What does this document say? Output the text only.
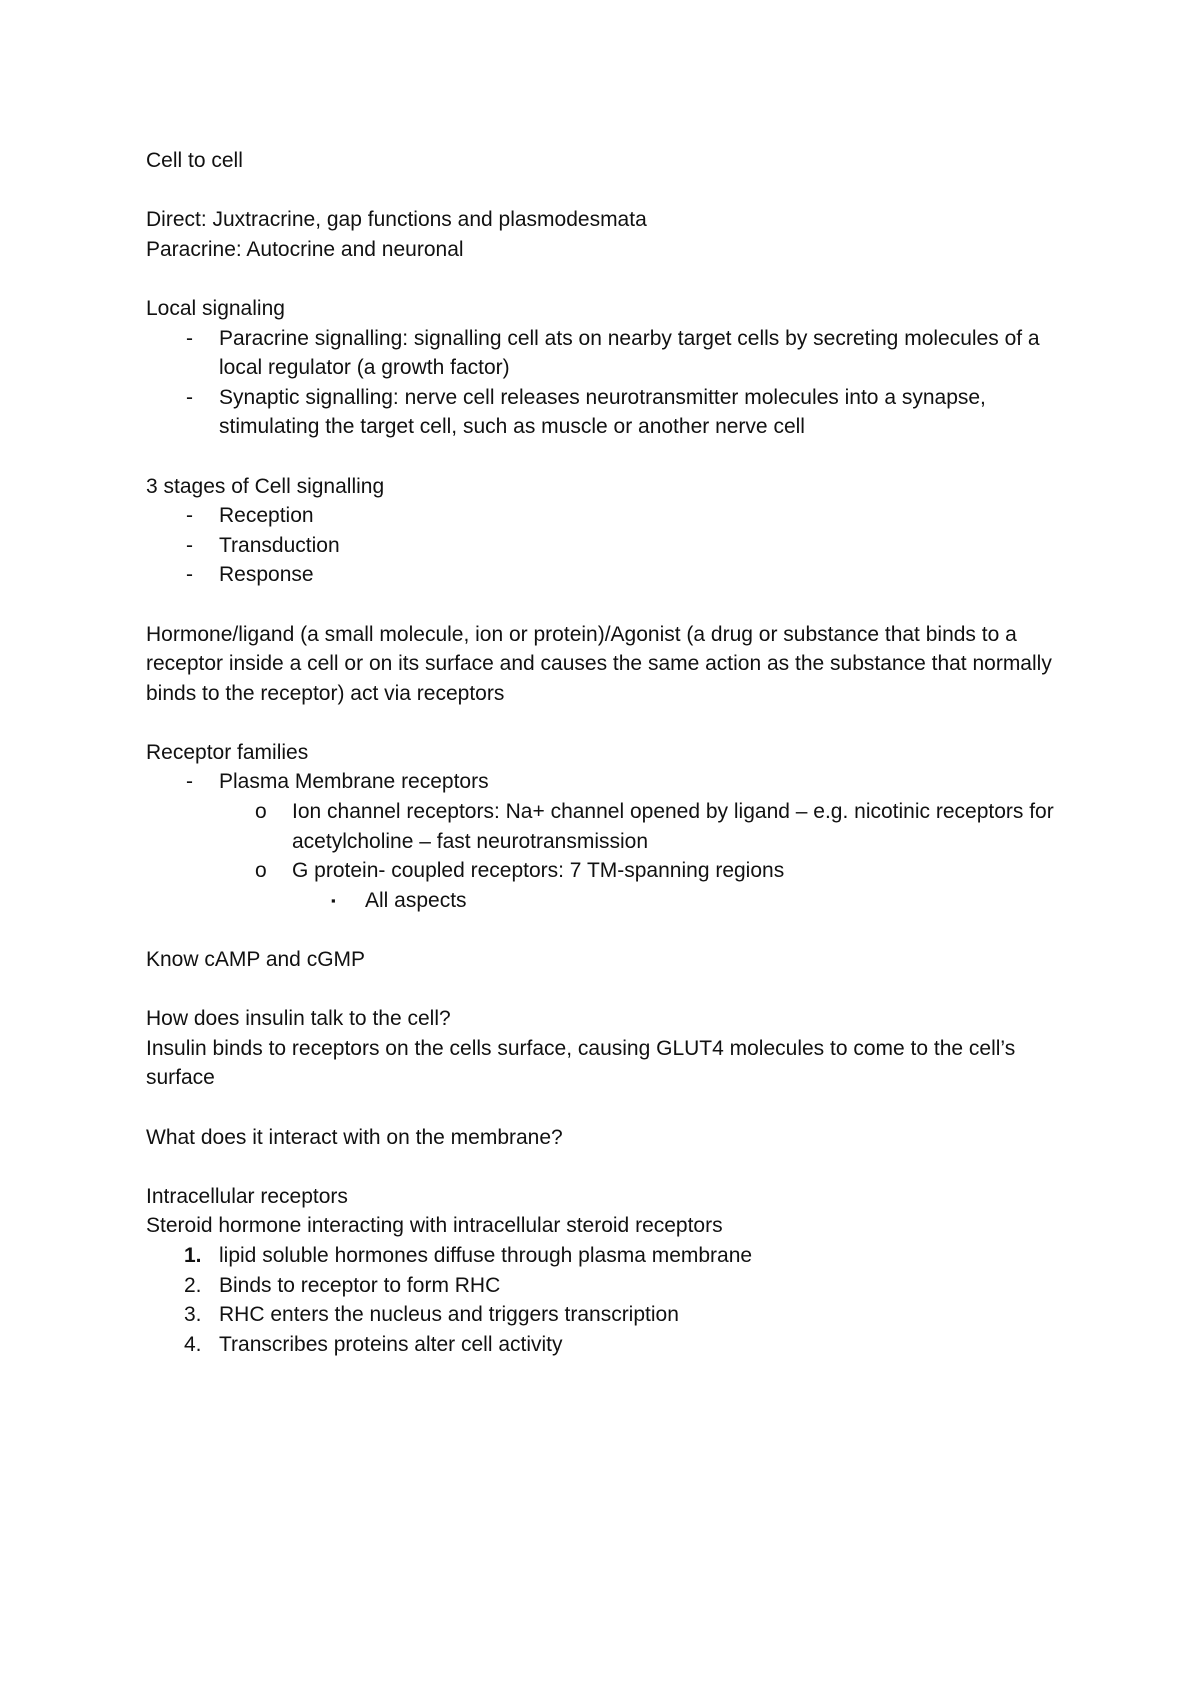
Cell to cell
Direct: Juxtracrine, gap functions and plasmodesmata
Paracrine: Autocrine and neuronal
Local signaling
- Paracrine signalling: signalling cell ats on nearby target cells by secreting molecules of a local regulator (a growth factor)
- Synaptic signalling: nerve cell releases neurotransmitter molecules into a synapse, stimulating the target cell, such as muscle or another nerve cell
3 stages of Cell signalling
- Reception
- Transduction
- Response
Hormone/ligand (a small molecule, ion or protein)/Agonist (a drug or substance that binds to a receptor inside a cell or on its surface and causes the same action as the substance that normally binds to the receptor) act via receptors
Receptor families
- Plasma Membrane receptors
o Ion channel receptors: Na+ channel opened by ligand – e.g. nicotinic receptors for acetylcholine – fast neurotransmission
o G protein- coupled receptors: 7 TM-spanning regions
▪ All aspects
Know cAMP and cGMP
How does insulin talk to the cell?
Insulin binds to receptors on the cells surface, causing GLUT4 molecules to come to the cell’s surface
What does it interact with on the membrane?
Intracellular receptors
Steroid hormone interacting with intracellular steroid receptors
1. lipid soluble hormones diffuse through plasma membrane
2. Binds to receptor to form RHC
3. RHC enters the nucleus and triggers transcription
4. Transcribes proteins alter cell activity
